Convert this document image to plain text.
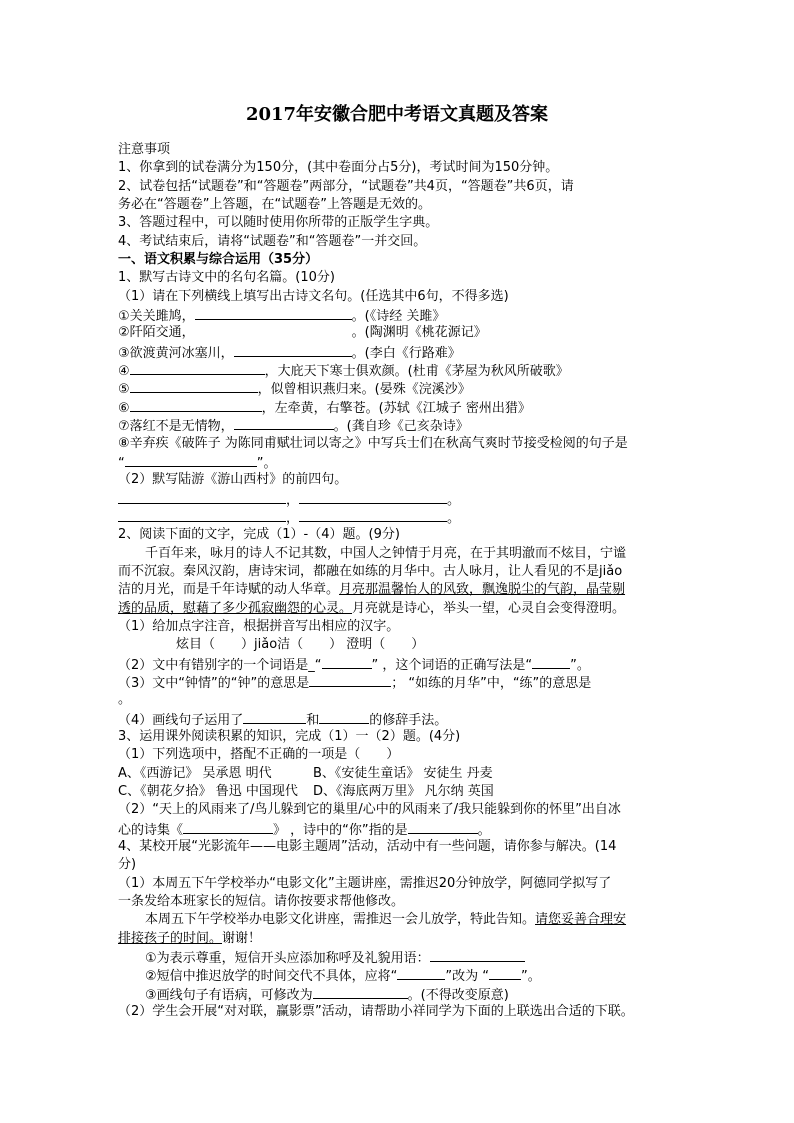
2017年安徽合肥中考语文真题及答案
注意事项
1、你拿到的试卷满分为150分，(其中卷面分占5分)，考试时间为150分钟。
2、试卷包括“试题卷”和“答题卷”两部分，“试题卷”共4页，“答题卷”共6页，请
务必在“答题卷”上答题，在“试题卷”上答题是无效的。
3、答题过程中，可以随时使用你所带的正版学生字典。
4、考试结束后，请将“试题卷”和“答题卷”一并交回。
一、语文积累与综合运用（35分）
1、默写古诗文中的名句名篇。(10分)
（1）请在下列横线上填写出古诗文名句。(任选其中6句，不得多选)
①关关雎鸠，	。(《诗经 关雎》
②阡陌交通，	。(陶渊明《桃花源记》
③欲渡黄河冰塞川，	。(李白《行路难》
④	，大庇天下寒士俱欢颜。(杜甫《茅屋为秋风所破歌》
⑤	，似曾相识燕归来。(晏殊《浣溪沙》
⑥	，左牵黄，右擎苍。(苏轼《江城子 密州出猎》
⑦落红不是无情物，	。(龚自珍《己亥杂诗》
⑧辛弃疾《破阵子 为陈同甫赋壮词以寄之》中写兵士们在秋高气爽时节接受检阅的句子是
“	”。
（2）默写陆游《游山西村》的前四句。
，	。
，	。
2、阅读下面的文字，完成（1）-（4）题。(9分)
千百年来，咏月的诗人不记其数，中国人之钟情于月亮，在于其明澈而不炫目，宁谧
而不沉寂。秦风汉韵，唐诗宋词，都融在如练的月华中。古人咏月，让人看见的不是jiǎo
洁的月光，而是千年诗赋的动人华章。月亮那温馨怡人的风致，飘逸脱尘的气韵，晶莹剔
透的品质，慰藉了多少孤寂幽怨的心灵。月亮就是诗心，举头一望，心灵自会变得澄明。
（1）给加点字注音，根据拼音写出相应的汉字。
炫目（　　）jiǎo洁（　　） 澄明（　　）
（2）文中有错别字的一个词语是_“	” ，这个词语的正确写法是“	”。
（3）文中“钟情”的“钟”的意思是	； “如练的月华”中，“练”的意思是
。
（4）画线句子运用了	和	的修辞手法。
3、运用课外阅读积累的知识，完成（1）一（2）题。(4分)
（1）下列选项中，搭配不正确的一项是（　　）
A、《西游记》 吴承恩 明代	B、《安徒生童话》 安徒生 丹麦
C、《朝花夕拾》 鲁迅 中国现代 D、《海底两万里》 凡尔纳 英国
（2）“天上的风雨来了/鸟儿躲到它的巢里/心中的风雨来了/我只能躲到你的怀里”出自冰
心的诗集《	》 ，诗中的“你”指的是	。
4、某校开展“光影流年——电影主题周”活动，活动中有一些问题，请你参与解决。(14
分)
（1）本周五下午学校举办“电影文化”主题讲座，需推迟20分钟放学，阿德同学拟写了
一条发给本班家长的短信。请你按要求帮他修改。
本周五下午学校举办电影文化讲座，需推迟一会儿放学，特此告知。请您妥善合理安
排接孩子的时间。谢谢！
①为表示尊重，短信开头应添加称呼及礼貌用语：
②短信中推迟放学的时间交代不具体，应将“	”改为 “ ”。
③画线句子有语病，可修改为	。(不得改变原意)
（2）学生会开展“对对联，赢影票”活动，请帮助小祥同学为下面的上联选出合适的下联。
